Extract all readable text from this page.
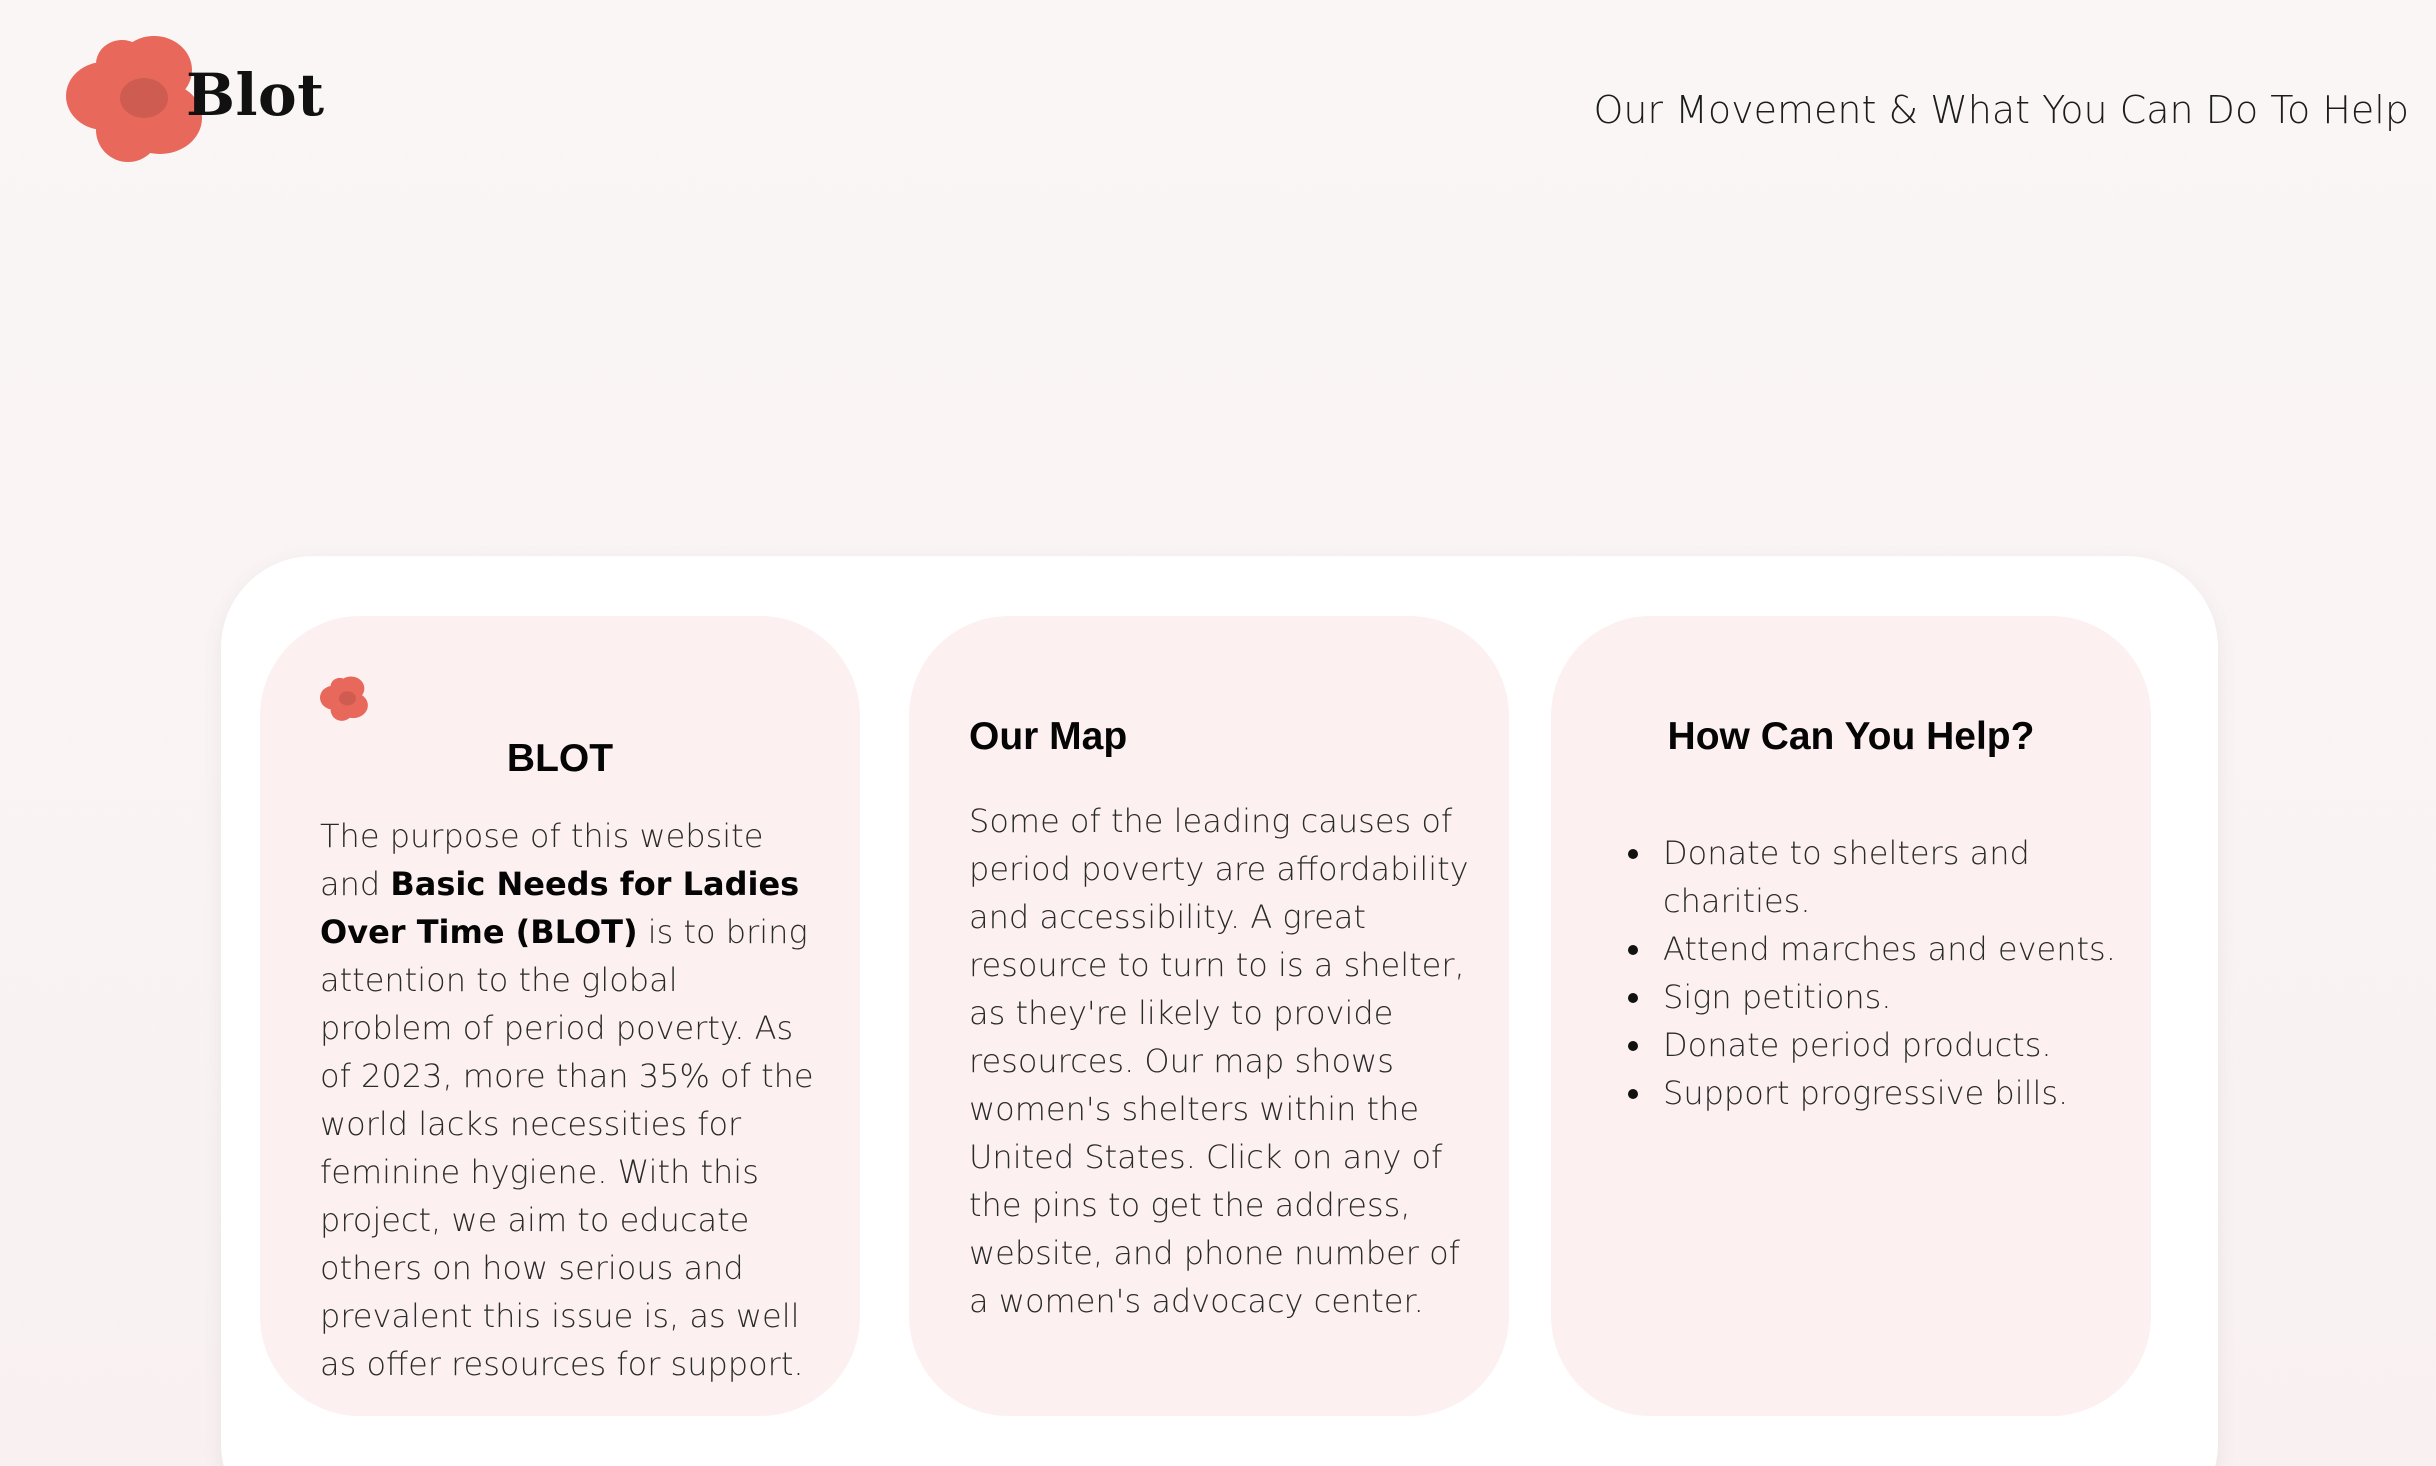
Blot	Our Movement & What You Can Do To Help
BLOT

The purpose of this website and Basic Needs for Ladies Over Time (BLOT) is to bring attention to the global problem of period poverty. As of 2023, more than 35% of the world lacks necessities for feminine hygiene. With this project, we aim to educate others on how serious and prevalent this issue is, as well as offer resources for support.

Our Map

Some of the leading causes of period poverty are affordability and accessibility. A great resource to turn to is a shelter, as they're likely to provide resources. Our map shows women's shelters within the United States. Click on any of the pins to get the address, website, and phone number of a women's advocacy center.

How Can You Help?
• Donate to shelters and charities.
• Attend marches and events.
• Sign petitions.
• Donate period products.
• Support progressive bills.
